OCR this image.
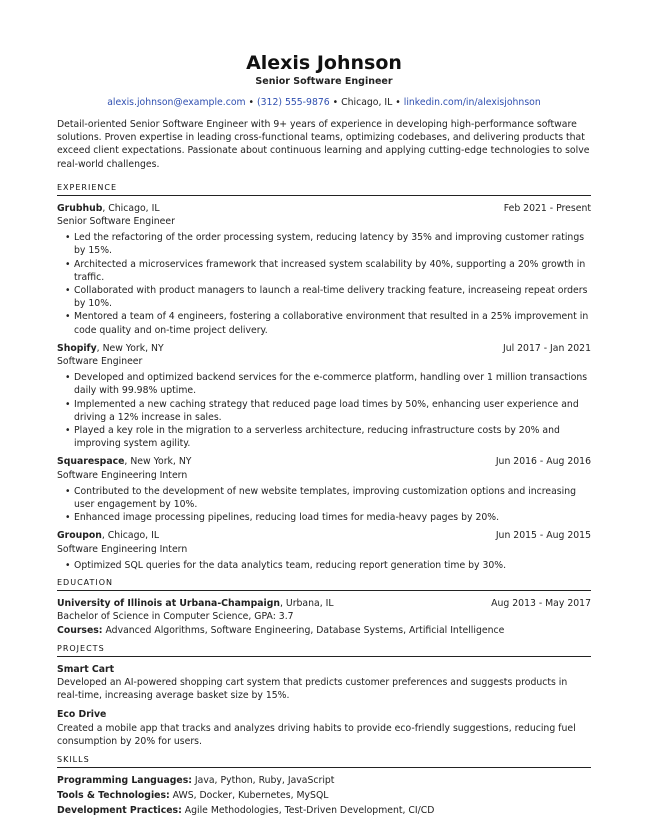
Alexis Johnson
Senior Software Engineer
alexis.johnson@example.com • (312) 555-9876 • Chicago, IL • linkedin.com/in/alexisjohnson
Detail-oriented Senior Software Engineer with 9+ years of experience in developing high-performance software solutions. Proven expertise in leading cross-functional teams, optimizing codebases, and delivering products that exceed client expectations. Passionate about continuous learning and applying cutting-edge technologies to solve real-world challenges.
EXPERIENCE
Grubhub, Chicago, IL	Feb 2021 - Present
Senior Software Engineer
• Led the refactoring of the order processing system, reducing latency by 35% and improving customer ratings by 15%.
• Architected a microservices framework that increased system scalability by 40%, supporting a 20% growth in traffic.
• Collaborated with product managers to launch a real-time delivery tracking feature, increaseing repeat orders by 10%.
• Mentored a team of 4 engineers, fostering a collaborative environment that resulted in a 25% improvement in code quality and on-time project delivery.
Shopify, New York, NY	Jul 2017 - Jan 2021
Software Engineer
• Developed and optimized backend services for the e-commerce platform, handling over 1 million transactions daily with 99.98% uptime.
• Implemented a new caching strategy that reduced page load times by 50%, enhancing user experience and driving a 12% increase in sales.
• Played a key role in the migration to a serverless architecture, reducing infrastructure costs by 20% and improving system agility.
Squarespace, New York, NY	Jun 2016 - Aug 2016
Software Engineering Intern
• Contributed to the development of new website templates, improving customization options and increasing user engagement by 10%.
• Enhanced image processing pipelines, reducing load times for media-heavy pages by 20%.
Groupon, Chicago, IL	Jun 2015 - Aug 2015
Software Engineering Intern
• Optimized SQL queries for the data analytics team, reducing report generation time by 30%.
EDUCATION
University of Illinois at Urbana-Champaign, Urbana, IL	Aug 2013 - May 2017
Bachelor of Science in Computer Science, GPA: 3.7
Courses: Advanced Algorithms, Software Engineering, Database Systems, Artificial Intelligence
PROJECTS
Smart Cart
Developed an AI-powered shopping cart system that predicts customer preferences and suggests products in real-time, increasing average basket size by 15%.
Eco Drive
Created a mobile app that tracks and analyzes driving habits to provide eco-friendly suggestions, reducing fuel consumption by 20% for users.
SKILLS
Programming Languages: Java, Python, Ruby, JavaScript
Tools & Technologies: AWS, Docker, Kubernetes, MySQL
Development Practices: Agile Methodologies, Test-Driven Development, CI/CD
